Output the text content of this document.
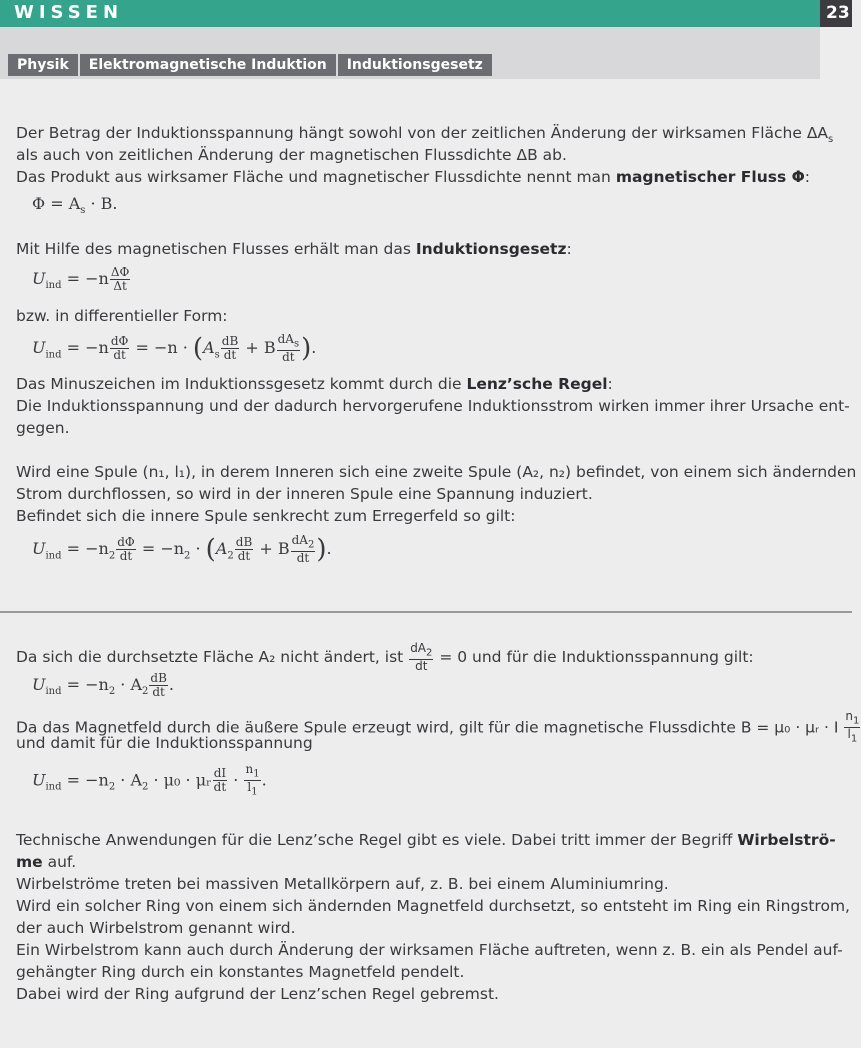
WISSEN	23
Physik	Elektromagnetische Induktion	Induktionsgesetz
Der Betrag der Induktionsspannung hängt sowohl von der zeitlichen Änderung der wirksamen Fläche $\Delta A_s$
als auch von zeitlichen Änderung der magnetischen Flussdichte ΔB ab.
Das Produkt aus wirksamer Fläche und magnetischer Flussdichte nennt man magnetischer Fluss Φ:
$\Phi = A_s \cdot B$.
Mit Hilfe des magnetischen Flusses erhält man das Induktionsgesetz:
$U_{ind} = -n \frac{\Delta\Phi}{\Delta t}$
bzw. in differentieller Form:
$U_{ind} = -n \frac{d\Phi}{dt} = -n \cdot (A_s \frac{dB}{dt} + B \frac{dA_s}{dt}$ ).
Das Minuszeichen im Induktionssgesetz kommt durch die Lenz’sche Regel:
Die Induktionsspannung und der dadurch hervorgerufene Induktionsstrom wirken immer ihrer Ursache ent-
gegen.
Wird eine Spule (n₁, l₁), in derem Inneren sich eine zweite Spule (A₂, n₂) befindet, von einem sich ändernden
Strom durchflossen, so wird in der inneren Spule eine Spannung induziert.
Befindet sich die innere Spule senkrecht zum Erregerfeld so gilt:
$U_{ind} = -n_2 \frac{d\Phi}{dt} = -n_2 \cdot (A_2 \frac{dB}{dt} + B \frac{dA_2}{dt}$ ).
Da sich die durchsetzte Fläche A₂ nicht ändert, ist $\frac{dA_2}{dt} = 0$ und für die Induktionsspannung gilt:
$U_{ind} = -n_2 \cdot A_2 \frac{dB}{dt}$ .
Da das Magnetfeld durch die äußere Spule erzeugt wird, gilt für die magnetische Flussdichte B = μ₀ · μᵣ · I $\frac{n_1}{l_1}$
und damit für die Induktionsspannung
$U_{ind} = -n_2 \cdot A_2 \cdot \mu_0$ · μᵣ $\frac{dI}{dt} \cdot \frac{n_1}{l_1}$ .
Technische Anwendungen für die Lenz’sche Regel gibt es viele. Dabei tritt immer der Begriff Wirbelströ-
me auf.
Wirbelströme treten bei massiven Metallkörpern auf, z. B. bei einem Aluminiumring.
Wird ein solcher Ring von einem sich ändernden Magnetfeld durchsetzt, so entsteht im Ring ein Ringstrom,
der auch Wirbelstrom genannt wird.
Ein Wirbelstrom kann auch durch Änderung der wirksamen Fläche auftreten, wenn z. B. ein als Pendel auf-
gehängter Ring durch ein konstantes Magnetfeld pendelt.
Dabei wird der Ring aufgrund der Lenz’schen Regel gebremst.
